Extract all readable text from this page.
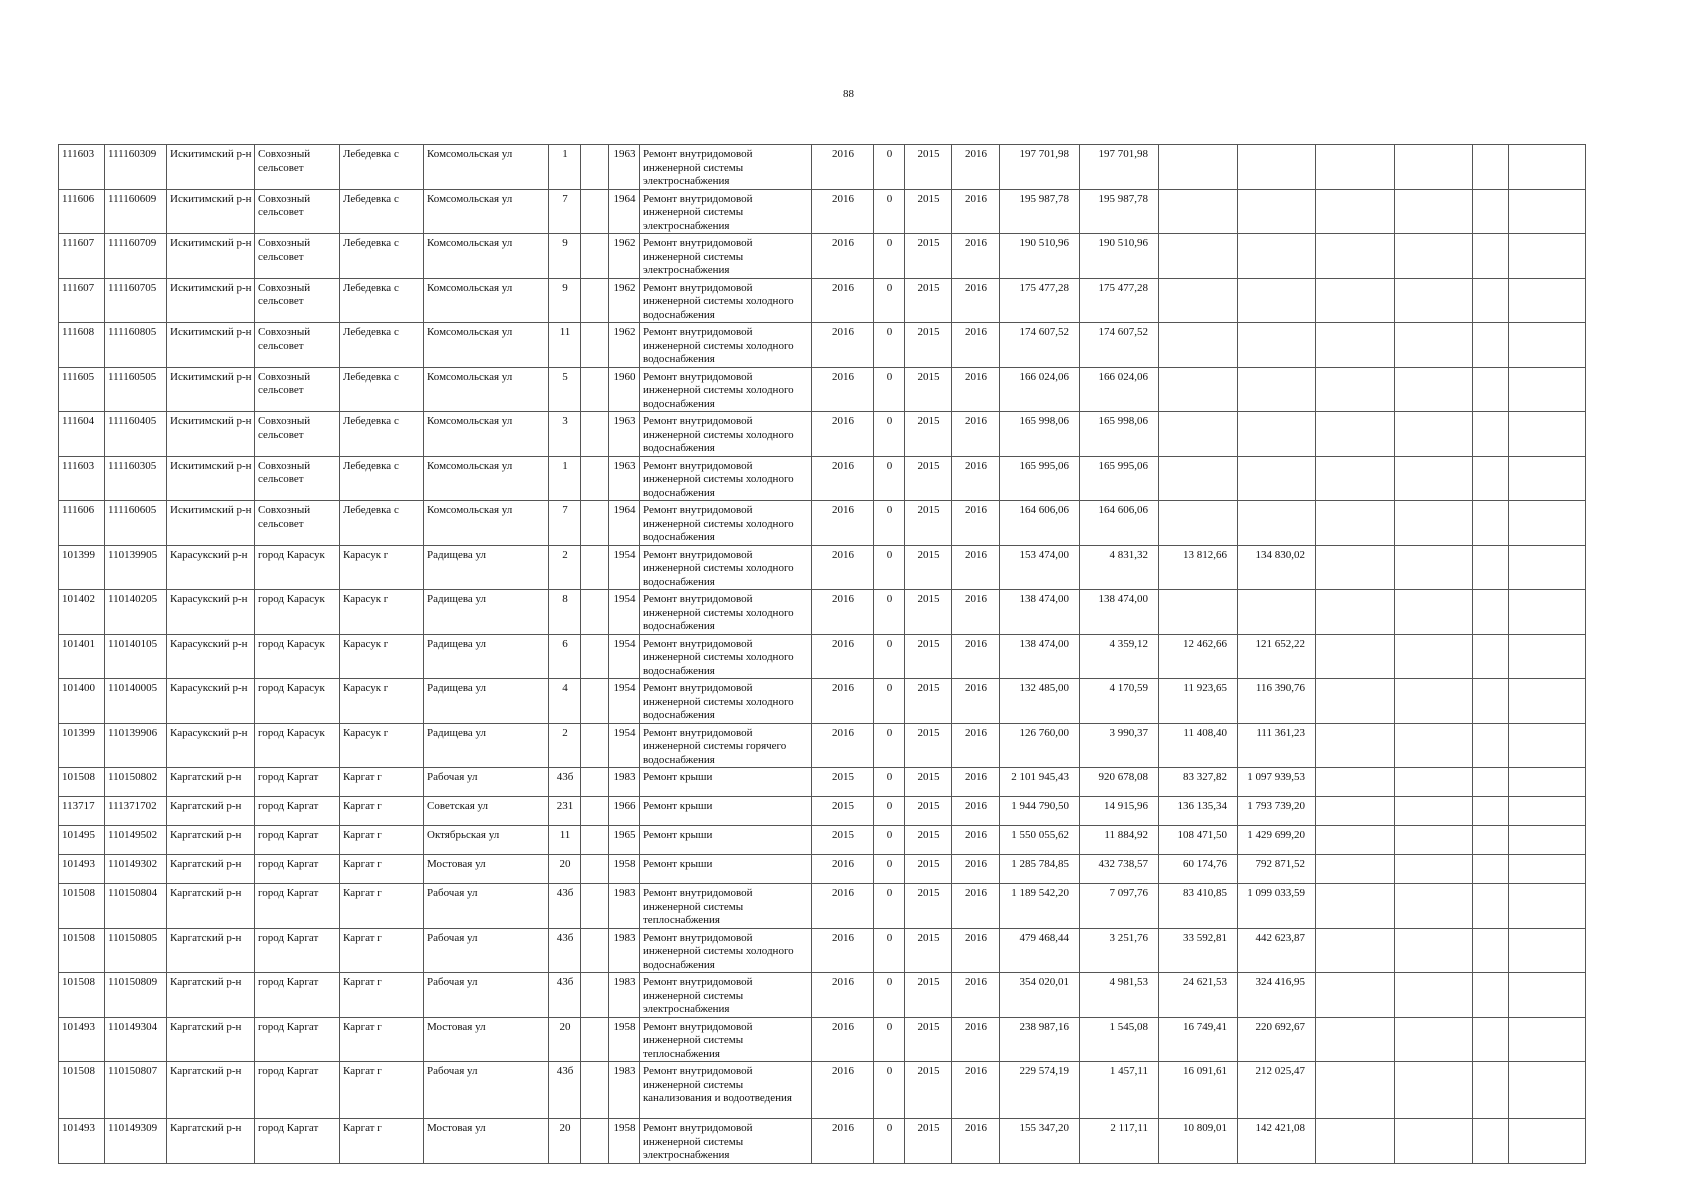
88
111603	111160309	Искитимский р-н	Совхозный сельсовет	Лебедевка с	Комсомольская ул	1		1963	Ремонт внутридомовой инженерной системы электроснабжения	2016	0	2015	2016	197 701,98	197 701,98						
111606	111160609	Искитимский р-н	Совхозный сельсовет	Лебедевка с	Комсомольская ул	7		1964	Ремонт внутридомовой инженерной системы электроснабжения	2016	0	2015	2016	195 987,78	195 987,78						
111607	111160709	Искитимский р-н	Совхозный сельсовет	Лебедевка с	Комсомольская ул	9		1962	Ремонт внутридомовой инженерной системы электроснабжения	2016	0	2015	2016	190 510,96	190 510,96						
111607	111160705	Искитимский р-н	Совхозный сельсовет	Лебедевка с	Комсомольская ул	9		1962	Ремонт внутридомовой инженерной системы холодного водоснабжения	2016	0	2015	2016	175 477,28	175 477,28						
111608	111160805	Искитимский р-н	Совхозный сельсовет	Лебедевка с	Комсомольская ул	11		1962	Ремонт внутридомовой инженерной системы холодного водоснабжения	2016	0	2015	2016	174 607,52	174 607,52						
111605	111160505	Искитимский р-н	Совхозный сельсовет	Лебедевка с	Комсомольская ул	5		1960	Ремонт внутридомовой инженерной системы холодного водоснабжения	2016	0	2015	2016	166 024,06	166 024,06						
111604	111160405	Искитимский р-н	Совхозный сельсовет	Лебедевка с	Комсомольская ул	3		1963	Ремонт внутридомовой инженерной системы холодного водоснабжения	2016	0	2015	2016	165 998,06	165 998,06						
111603	111160305	Искитимский р-н	Совхозный сельсовет	Лебедевка с	Комсомольская ул	1		1963	Ремонт внутридомовой инженерной системы холодного водоснабжения	2016	0	2015	2016	165 995,06	165 995,06						
111606	111160605	Искитимский р-н	Совхозный сельсовет	Лебедевка с	Комсомольская ул	7		1964	Ремонт внутридомовой инженерной системы холодного водоснабжения	2016	0	2015	2016	164 606,06	164 606,06						
101399	110139905	Карасукский р-н	город Карасук	Карасук г	Радищева ул	2		1954	Ремонт внутридомовой инженерной системы холодного водоснабжения	2016	0	2015	2016	153 474,00	4 831,32	13 812,66	134 830,02				
101402	110140205	Карасукский р-н	город Карасук	Карасук г	Радищева ул	8		1954	Ремонт внутридомовой инженерной системы холодного водоснабжения	2016	0	2015	2016	138 474,00	138 474,00						
101401	110140105	Карасукский р-н	город Карасук	Карасук г	Радищева ул	6		1954	Ремонт внутридомовой инженерной системы холодного водоснабжения	2016	0	2015	2016	138 474,00	4 359,12	12 462,66	121 652,22				
101400	110140005	Карасукский р-н	город Карасук	Карасук г	Радищева ул	4		1954	Ремонт внутридомовой инженерной системы холодного водоснабжения	2016	0	2015	2016	132 485,00	4 170,59	11 923,65	116 390,76				
101399	110139906	Карасукский р-н	город Карасук	Карасук г	Радищева ул	2		1954	Ремонт внутридомовой инженерной системы горячего водоснабжения	2016	0	2015	2016	126 760,00	3 990,37	11 408,40	111 361,23				
101508	110150802	Каргатский р-н	город Каргат	Каргат г	Рабочая ул	43б		1983	Ремонт крыши	2015	0	2015	2016	2 101 945,43	920 678,08	83 327,82	1 097 939,53				
113717	111371702	Каргатский р-н	город Каргат	Каргат г	Советская ул	231		1966	Ремонт крыши	2015	0	2015	2016	1 944 790,50	14 915,96	136 135,34	1 793 739,20				
101495	110149502	Каргатский р-н	город Каргат	Каргат г	Октябрьская ул	11		1965	Ремонт крыши	2015	0	2015	2016	1 550 055,62	11 884,92	108 471,50	1 429 699,20				
101493	110149302	Каргатский р-н	город Каргат	Каргат г	Мостовая ул	20		1958	Ремонт крыши	2016	0	2015	2016	1 285 784,85	432 738,57	60 174,76	792 871,52				
101508	110150804	Каргатский р-н	город Каргат	Каргат г	Рабочая ул	43б		1983	Ремонт внутридомовой инженерной системы теплоснабжения	2016	0	2015	2016	1 189 542,20	7 097,76	83 410,85	1 099 033,59				
101508	110150805	Каргатский р-н	город Каргат	Каргат г	Рабочая ул	43б		1983	Ремонт внутридомовой инженерной системы холодного водоснабжения	2016	0	2015	2016	479 468,44	3 251,76	33 592,81	442 623,87				
101508	110150809	Каргатский р-н	город Каргат	Каргат г	Рабочая ул	43б		1983	Ремонт внутридомовой инженерной системы электроснабжения	2016	0	2015	2016	354 020,01	4 981,53	24 621,53	324 416,95				
101493	110149304	Каргатский р-н	город Каргат	Каргат г	Мостовая ул	20		1958	Ремонт внутридомовой инженерной системы теплоснабжения	2016	0	2015	2016	238 987,16	1 545,08	16 749,41	220 692,67				
101508	110150807	Каргатский р-н	город Каргат	Каргат г	Рабочая ул	43б		1983	Ремонт внутридомовой инженерной системы канализования и водоотведения	2016	0	2015	2016	229 574,19	1 457,11	16 091,61	212 025,47				
101493	110149309	Каргатский р-н	город Каргат	Каргат г	Мостовая ул	20		1958	Ремонт внутридомовой инженерной системы электроснабжения	2016	0	2015	2016	155 347,20	2 117,11	10 809,01	142 421,08				
